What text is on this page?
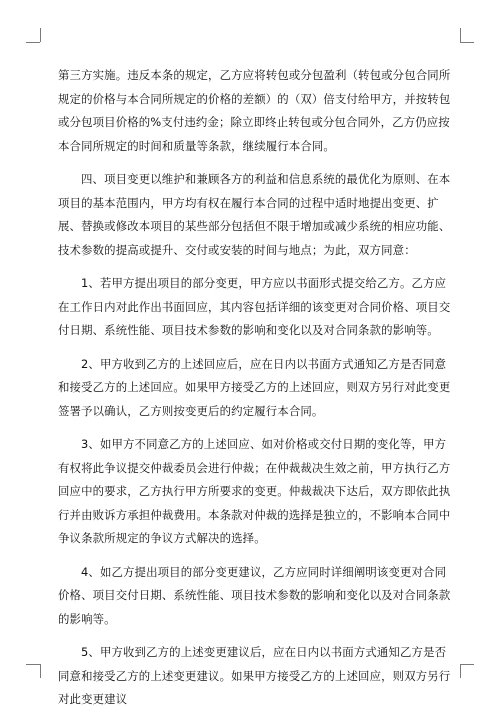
第三方实施。违反本条的规定，乙方应将转包或分包盈利（转包或分包合同所规定的价格与本合同所规定的价格的差额）的（双）倍支付给甲方，并按转包或分包项目价格的%支付违约金；除立即终止转包或分包合同外，乙方仍应按本合同所规定的时间和质量等条款，继续履行本合同。

四、项目变更以维护和兼顾各方的利益和信息系统的最优化为原则、在本项目的基本范围内，甲方均有权在履行本合同的过程中适时地提出变更、扩展、替换或修改本项目的某些部分包括但不限于增加或减少系统的相应功能、技术参数的提高或提升、交付或安装的时间与地点；为此，双方同意：

1、若甲方提出项目的部分变更，甲方应以书面形式提交给乙方。乙方应在工作日内对此作出书面回应，其内容包括详细的该变更对合同价格、项目交付日期、系统性能、项目技术参数的影响和变化以及对合同条款的影响等。

2、甲方收到乙方的上述回应后，应在日内以书面方式通知乙方是否同意和接受乙方的上述回应。如果甲方接受乙方的上述回应，则双方另行对此变更签署予以确认，乙方则按变更后的约定履行本合同。

3、如甲方不同意乙方的上述回应、如对价格或交付日期的变化等，甲方有权将此争议提交仲裁委员会进行仲裁；在仲裁裁决生效之前，甲方执行乙方回应中的要求，乙方执行甲方所要求的变更。仲裁裁决下达后，双方即依此执行并由败诉方承担仲裁费用。本条款对仲裁的选择是独立的，不影响本合同中争议条款所规定的争议方式解决的选择。

4、如乙方提出项目的部分变更建议，乙方应同时详细阐明该变更对合同价格、项目交付日期、系统性能、项目技术参数的影响和变化以及对合同条款的影响等。

5、甲方收到乙方的上述变更建议后，应在日内以书面方式通知乙方是否同意和接受乙方的上述变更建议。如果甲方接受乙方的上述回应，则双方另行对此变更建议
